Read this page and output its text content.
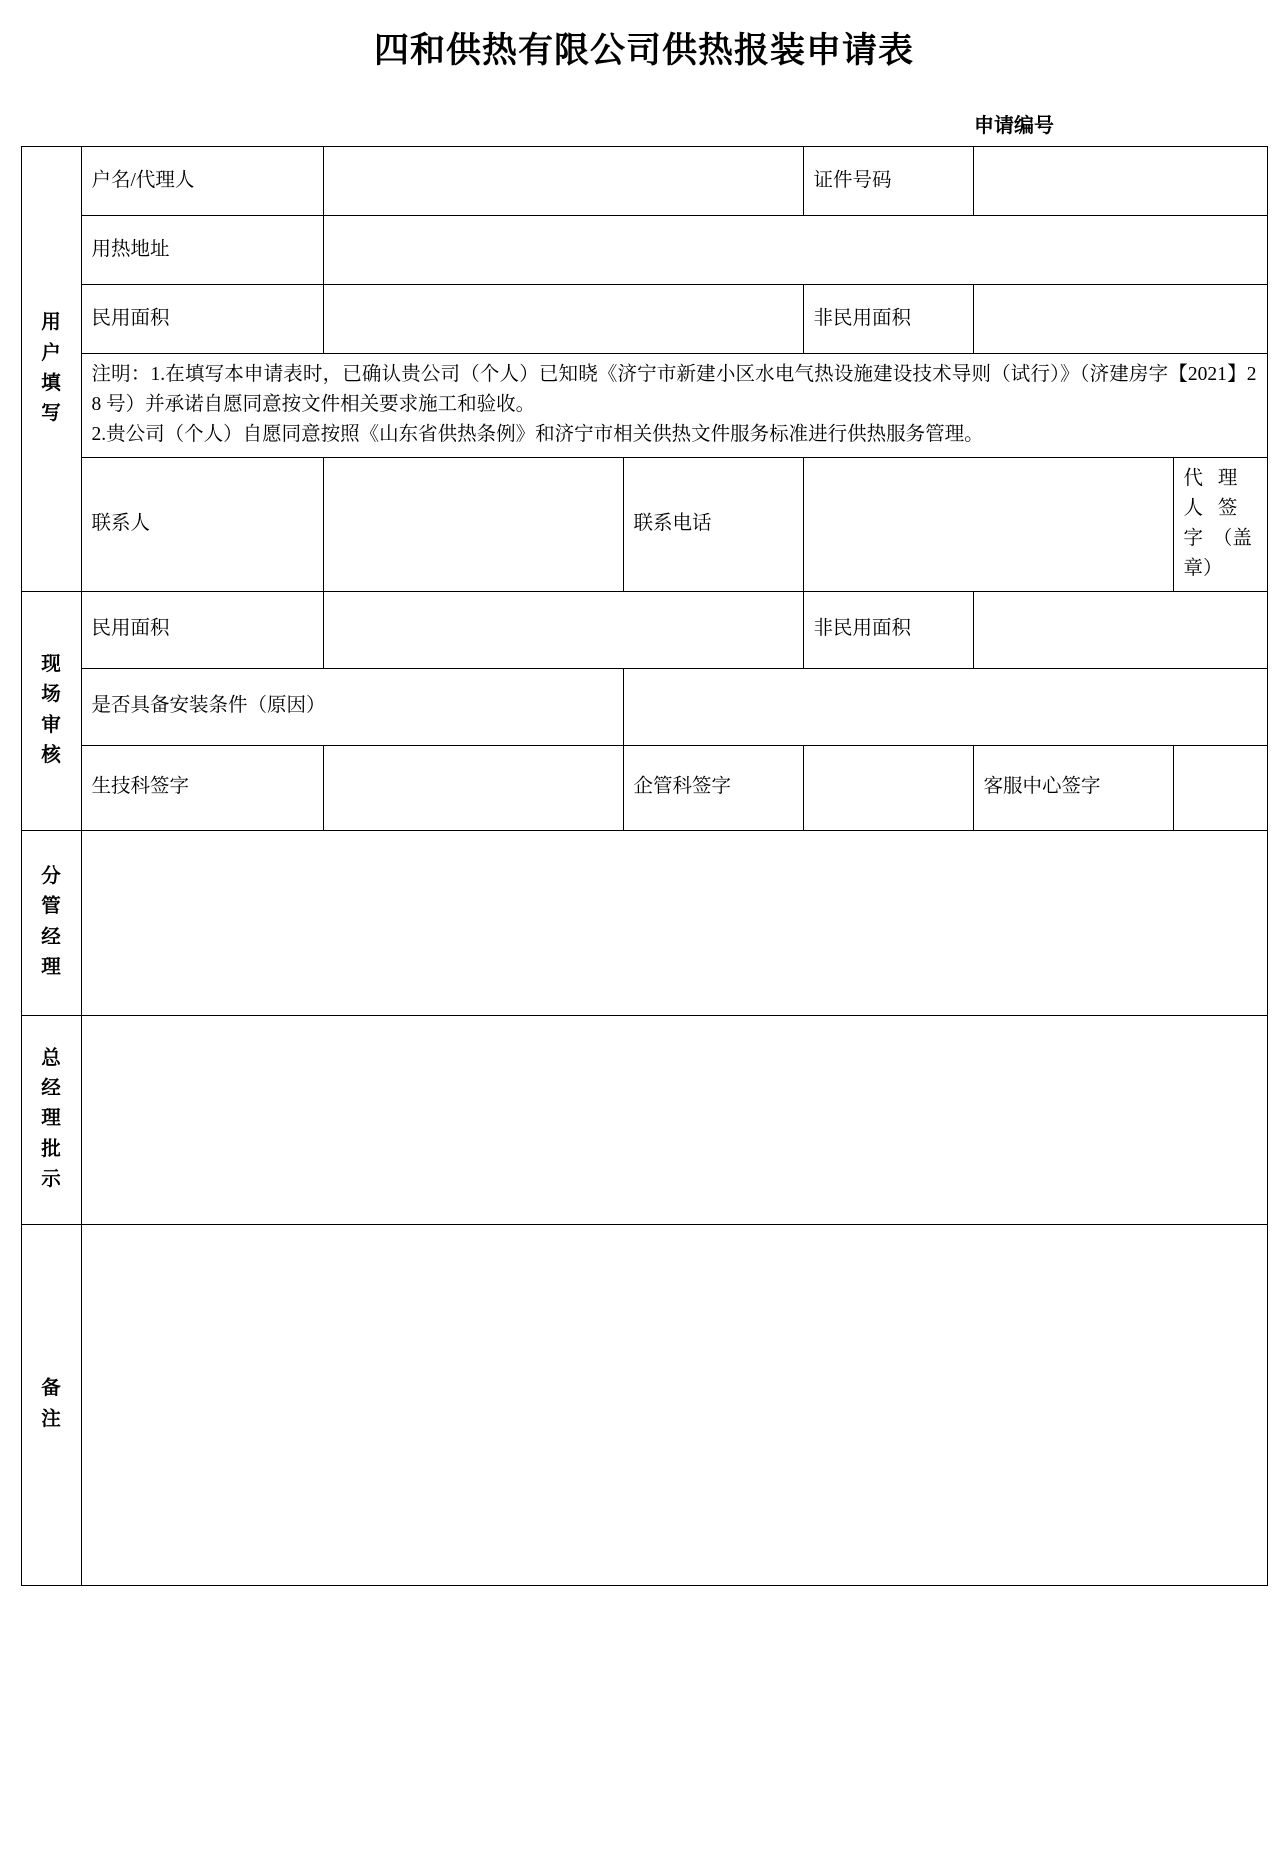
四和供热有限公司供热报装申请表
申请编号
用
户
填
写	户名/代理人			证件号码			
	用热地址						
	民用面积			非民用面积			

	注明：1.在填写本申请表时，已确认贵公司（个人）已知晓《济宁市新建小区水电气热设施建设技术导则（试行）》（济建房字【2021】28 号）并承诺自愿同意按文件相关要求施工和验收。

2.贵公司（个人）自愿同意按照《山东省供热条例》和济宁市相关供热文件服务标准进行供热服务管理。						

	联系人		联系电话			代 理 人 签 字 （盖章）	

现
场
审
核	民用面积			非民用面积			
	是否具备安装条件（原因）						
	生技科签字		企管科签字		客服中心签字		

分
管
经
理							

总
经
理
批
示							

备
注							
